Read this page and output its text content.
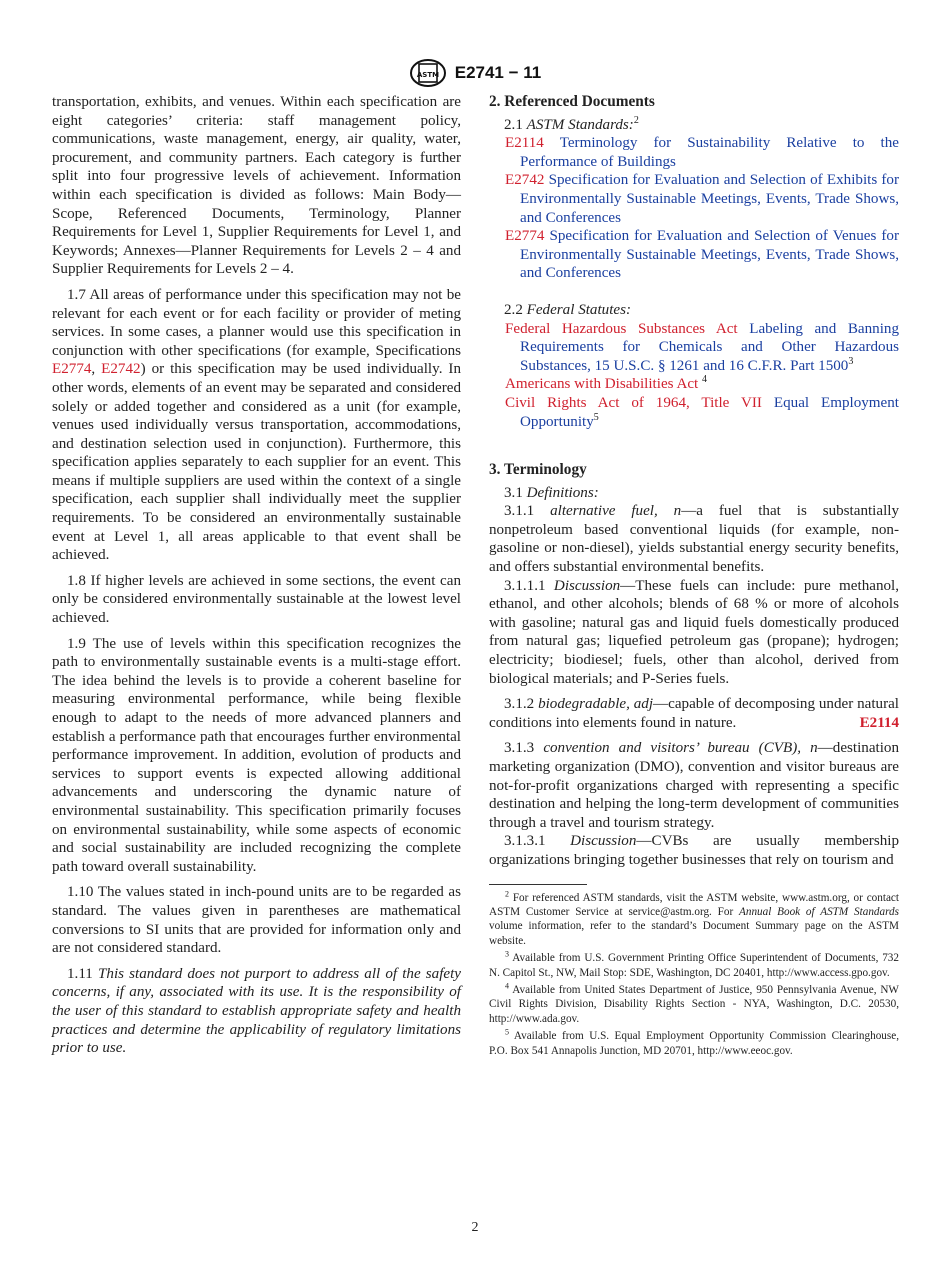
ASTM E2741 − 11

transportation, exhibits, and venues. Within each specification are eight categories’ criteria: staff management policy, communications, waste management, energy, air quality, water, procurement, and community partners. Each category is further split into four progressive levels of achievement. Information within each specification is divided as follows: Main Body—Scope, Referenced Documents, Terminology, Planner Requirements for Level 1, Supplier Requirements for Level 1, and Keywords; Annexes—Planner Requirements for Levels 2 – 4 and Supplier Requirements for Levels 2 – 4.

1.7 All areas of performance under this specification may not be relevant for each event or for each facility or provider of meting services. In some cases, a planner would use this specification in conjunction with other specifications (for example, Specifications E2774, E2742) or this specification may be used individually. In other words, elements of an event may be separated and considered solely or added together and considered as a unit (for example, venues used individually versus transportation, accommodations, and destination selection used in conjunction). Furthermore, this specification applies separately to each supplier for an event. This means if multiple suppliers are used within the context of a single specification, each supplier shall individually meet the supplier requirements. To be considered an environmentally sustainable event at Level 1, all areas applicable to that event shall be achieved.

1.8 If higher levels are achieved in some sections, the event can only be considered environmentally sustainable at the lowest level achieved.

1.9 The use of levels within this specification recognizes the path to environmentally sustainable events is a multi-stage effort. The idea behind the levels is to provide a coherent baseline for measuring environmental performance, while being flexible enough to adapt to the needs of more advanced planners and establish a performance path that encourages further environmental performance improvement. In addition, evolution of products and services to support events is expected allowing additional advancements and underscoring the dynamic nature of environmental sustainability. This specification primarily focuses on environmental sustainability, while some aspects of economic and social sustainability are included recognizing the complete path toward overall sustainability.

1.10 The values stated in inch-pound units are to be regarded as standard. The values given in parentheses are mathematical conversions to SI units that are provided for information only and are not considered standard.

1.11 This standard does not purport to address all of the safety concerns, if any, associated with its use. It is the responsibility of the user of this standard to establish appropriate safety and health practices and determine the applicability of regulatory limitations prior to use.

2. Referenced Documents

2.1 ASTM Standards:$^2$

E2114 Terminology for Sustainability Relative to the Performance of Buildings

E2742 Specification for Evaluation and Selection of Exhibits for Environmentally Sustainable Meetings, Events, Trade Shows, and Conferences

E2774 Specification for Evaluation and Selection of Venues for Environmentally Sustainable Meetings, Events, Trade Shows, and Conferences

2.2 Federal Statutes:

Federal Hazardous Substances Act Labeling and Banning Requirements for Chemicals and Other Hazardous Substances, 15 U.S.C. § 1261 and 16 C.F.R. Part 1500$^3$

Americans with Disabilities Act $^4$

Civil Rights Act of 1964, Title VII Equal Employment Opportunity$^5$

3. Terminology

3.1 Definitions:

3.1.1 alternative fuel, n—a fuel that is substantially nonpetroleum based conventional liquids (for example, non-gasoline or non-diesel), yields substantial energy security benefits, and offers substantial environmental benefits.

3.1.1.1 Discussion—These fuels can include: pure methanol, ethanol, and other alcohols; blends of 68 % or more of alcohols with gasoline; natural gas and liquid fuels domestically produced from natural gas; liquefied petroleum gas (propane); hydrogen; electricity; biodiesel; fuels, other than alcohol, derived from biological materials; and P-Series fuels.

3.1.2 biodegradable, adj—capable of decomposing under natural conditions into elements found in nature.	E2114

3.1.3 convention and visitors’ bureau (CVB), n—destination marketing organization (DMO), convention and visitor bureaus are not-for-profit organizations charged with representing a specific destination and helping the long-term development of communities through a travel and tourism strategy.

3.1.3.1 Discussion—CVBs are usually membership organizations bringing together businesses that rely on tourism and

$^2$ For referenced ASTM standards, visit the ASTM website, www.astm.org, or contact ASTM Customer Service at service@astm.org. For Annual Book of ASTM Standards volume information, refer to the standard’s Document Summary page on the ASTM website.

$^3$ Available from U.S. Government Printing Office Superintendent of Documents, 732 N. Capitol St., NW, Mail Stop: SDE, Washington, DC 20401, http://www.access.gpo.gov.

$^4$ Available from United States Department of Justice, 950 Pennsylvania Avenue, NW Civil Rights Division, Disability Rights Section - NYA, Washington, D.C. 20530, http://www.ada.gov.

$^5$ Available from U.S. Equal Employment Opportunity Commission Clearinghouse, P.O. Box 541 Annapolis Junction, MD 20701, http://www.eeoc.gov.

2
